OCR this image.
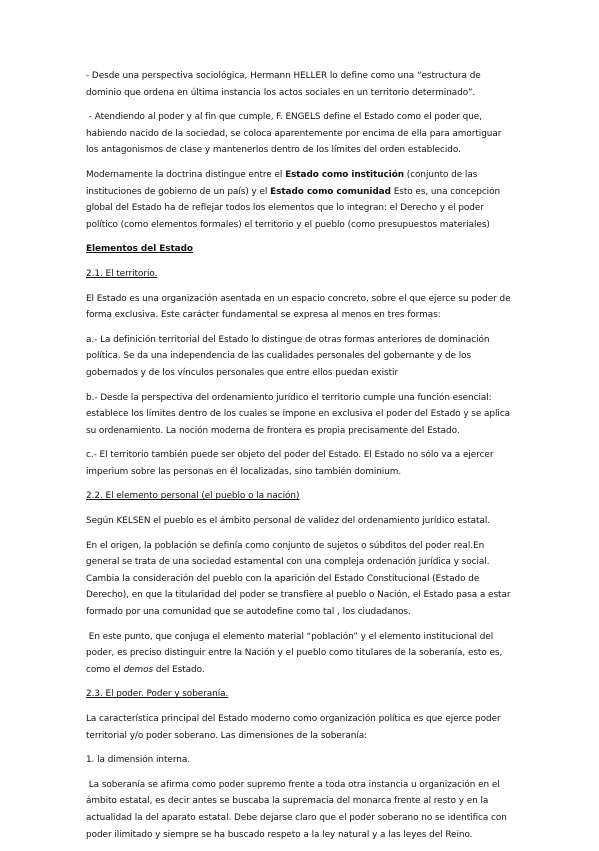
- Desde una perspectiva sociológica, Hermann HELLER lo define como una “estructura de dominio que ordena en última instancia los actos sociales en un territorio determinado”.

- Atendiendo al poder y al fin que cumple, F. ENGELS define el Estado como el poder que, habiendo nacido de la sociedad, se coloca aparentemente por encima de ella para amortiguar los antagonismos de clase y mantenerlos dentro de los límites del orden establecido.

Modernamente la doctrina distingue entre el Estado como institución (conjunto de las instituciones de gobierno de un país) y el Estado como comunidad Esto es, una concepción global del Estado ha de reflejar todos los elementos que lo integran: el Derecho y el poder político (como elementos formales) el territorio y el pueblo (como presupuestos materiales)

Elementos del Estado

2.1. El territorio.

El Estado es una organización asentada en un espacio concreto, sobre el que ejerce su poder de forma exclusiva. Este carácter fundamental se expresa al menos en tres formas:

a.- La definición territorial del Estado lo distingue de otras formas anteriores de dominación política. Se da una independencia de las cualidades personales del gobernante y de los gobernados y de los vínculos personales que entre ellos puedan existir

b.- Desde la perspectiva del ordenamiento jurídico el territorio cumple una función esencial: establece los límites dentro de los cuales se impone en exclusiva el poder del Estado y se aplica su ordenamiento. La noción moderna de frontera es propia precisamente del Estado.

c.- El territorio también puede ser objeto del poder del Estado. El Estado no sólo va a ejercer imperium sobre las personas en él localizadas, sino también dominium.

2.2. El elemento personal (el pueblo o la nación)

Según KELSEN el pueblo es el ámbito personal de validez del ordenamiento jurídico estatal.

En el origen, la población se definía como conjunto de sujetos o súbditos del poder real.En general se trata de una sociedad estamental con una compleja ordenación jurídica y social. Cambia la consideración del pueblo con la aparición del Estado Constitucional (Estado de Derecho), en que la titularidad del poder se transfiere al pueblo o Nación, el Estado pasa a estar formado por una comunidad que se autodefine como tal , los ciudadanos.

En este punto, que conjuga el elemento material “población” y el elemento institucional del poder, es preciso distinguir entre la Nación y el pueblo como titulares de la soberanía, esto es, como el demos del Estado.

2.3. El poder. Poder y soberanía.

La característica principal del Estado moderno como organización política es que ejerce poder territorial y/o poder soberano. Las dimensiones de la soberanía:

1. la dimensión interna.

La soberanía se afirma como poder supremo frente a toda otra instancia u organización en el ámbito estatal, es decir antes se buscaba la supremacía del monarca frente al resto y en la actualidad la del aparato estatal. Debe dejarse claro que el poder soberano no se identifica con poder ilimitado y siempre se ha buscado respeto a la ley natural y a las leyes del Reino.
